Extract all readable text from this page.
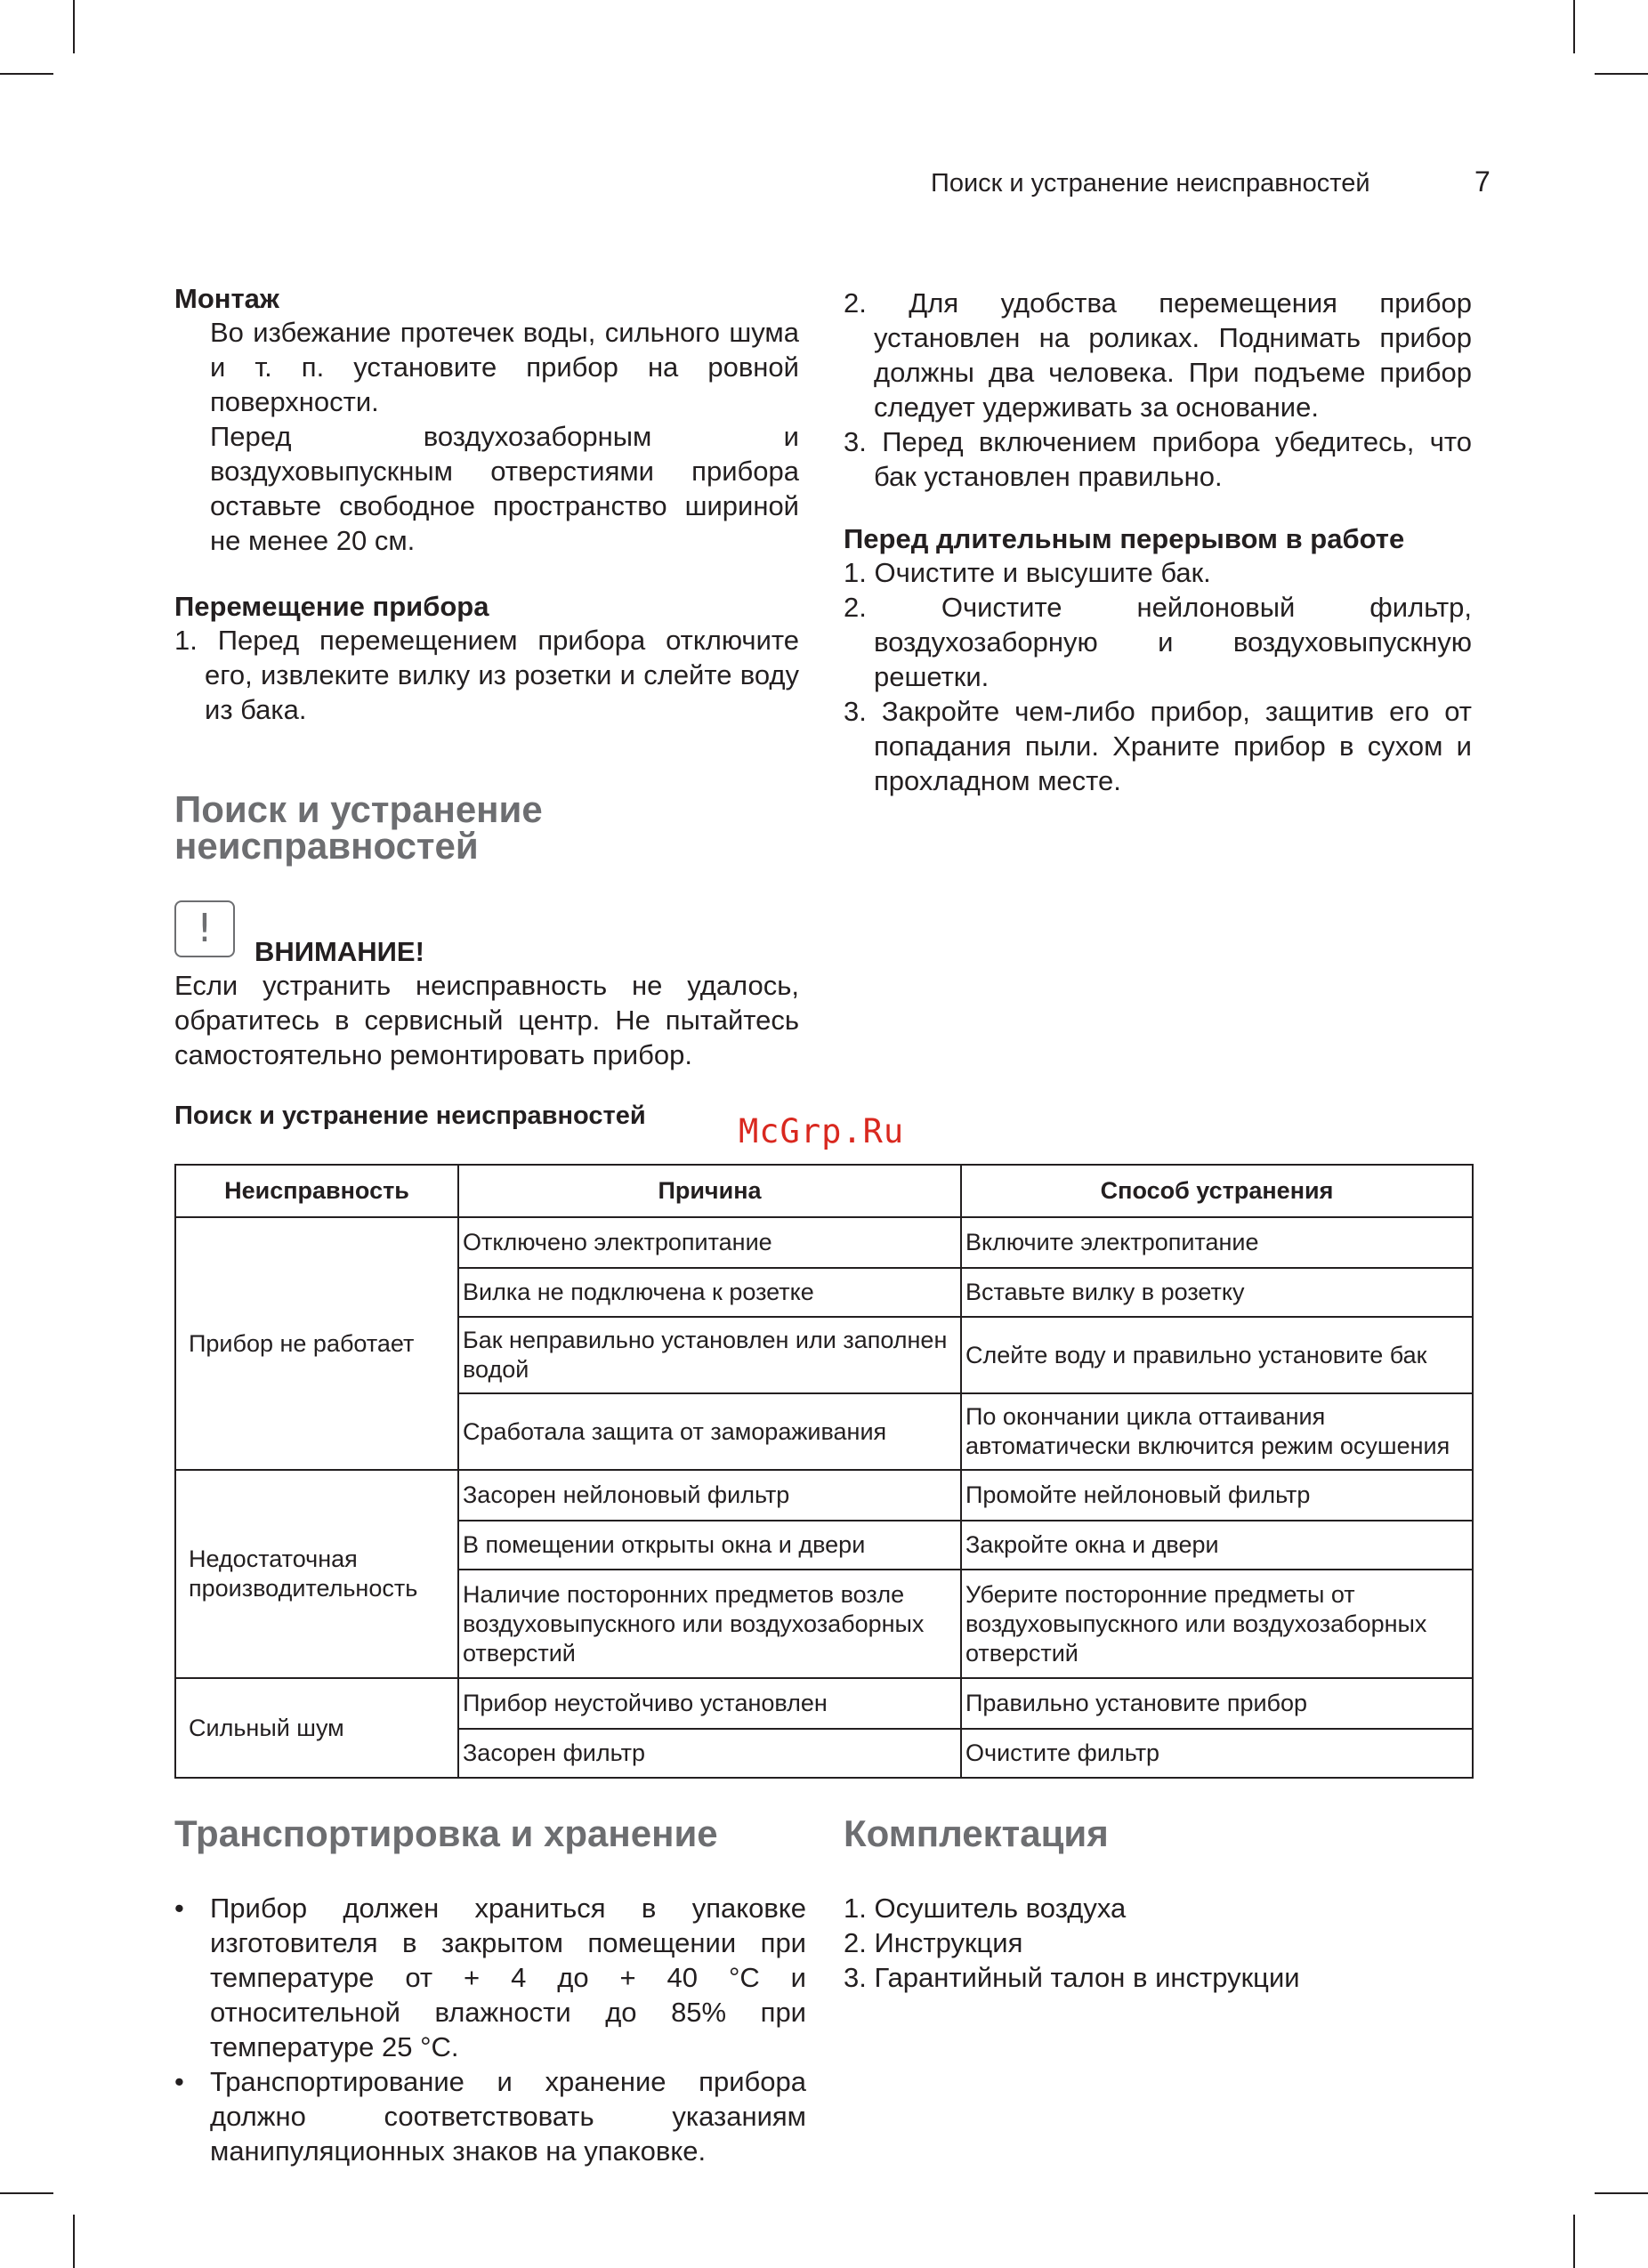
Поиск и устранение неисправностей	7

Монтаж

Во избежание протечек воды, сильного шума и т. п. установите прибор на ровной поверхности.

Перед воздухозаборным и воздуховыпускным отверстиями прибора оставьте свободное пространство шириной не менее 20 см.

Перемещение прибора

1. Перед перемещением прибора отключите его, извлеките вилку из розетки и слейте воду из бака.
2. Для удобства перемещения прибор установлен на роликах. Поднимать прибор должны два человека. При подъеме прибор следует удерживать за основание.
3. Перед включением прибора убедитесь, что бак установлен правильно.

Перед длительным перерывом в работе

1. Очистите и высушите бак.
2. Очистите нейлоновый фильтр, воздухозаборную и воздуховыпускную решетки.
3. Закройте чем-либо прибор, защитив его от попадания пыли. Храните прибор в сухом и прохладном месте.

Поиск и устранение

неисправностей

!
ВНИМАНИЕ!

Если устранить неисправность не удалось, обратитесь в сервисный центр. Не пытайтесь самостоятельно ремонтировать прибор.

Поиск и устранение неисправностей	McGrp.Ru
Неисправность	Причина	Способ устранения
Прибор не работает	Отключено электропитание	Включите электропитание
	Вилка не подключена к розетке	Вставьте вилку в розетку
	Бак неправильно установлен или заполнен водой	Слейте воду и правильно установите бак
	Сработала защита от замораживания	По окончании цикла оттаивания автоматически включится режим осушения
Недостаточная производительность	Засорен нейлоновый фильтр	Промойте нейлоновый фильтр
	В помещении открыты окна и двери	Закройте окна и двери
	Наличие посторонних предметов возле воздуховыпускного или воздухозаборных отверстий	Уберите посторонние предметы от воздуховыпускного или воздухозаборных отверстий
Сильный шум	Прибор неустойчиво установлен	Правильно установите прибор
	Засорен фильтр	Очистите фильтр

Транспортировка и хранение

• Прибор должен храниться в упаковке изготовителя в закрытом помещении при температуре от + 4 до + 40 °C и относительной влажности до 85% при температуре 25 °C.
• Транспортирование и хранение прибора должно соответствовать указаниям манипуляционных знаков на упаковке.

Комплектация

1. Осушитель воздуха
2. Инструкция
3. Гарантийный талон в инструкции
